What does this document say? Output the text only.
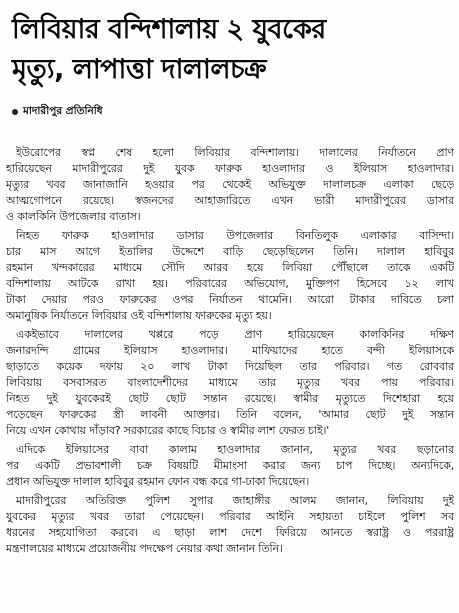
লিবিয়ার বন্দিশালায় ২ যুবকের
মৃত্যু, লাপাত্তা দালালচক্র
মাদারীপুর প্রতিনিধি

ইউরোপের স্বপ্ন শেষ হলো লিবিয়ার বন্দিশালায়। দালালের নির্যাতনে প্রাণ
হারিয়েছেন মাদারীপুরের দুই যুবক ফারুক হাওলাদার ও ইলিয়াস হাওলাদার।
মৃত্যুর খবর জানাজানি হওয়ার পর থেকেই অভিযুক্ত দালালচক্র এলাকা ছেড়ে
আত্মগোপনে রয়েছে। স্বজনদের আহাজারিতে এখন ভারী মাদারীপুরের ডাসার
ও কালকিনি উপজেলার বাতাস।

নিহত ফারুক হাওলাদার ডাসার উপজেলার বিনতিলুক এলাকার বাসিন্দা।
চার মাস আগে ইতালির উদ্দেশে বাড়ি ছেড়েছিলেন তিনি। দালাল হাবিবুর
রহমান খন্দকারের মাধ্যমে সৌদি আরব হয়ে লিবিয়া পৌঁছালে তাকে একটি
বন্দিশালায় আটকে রাখা হয়। পরিবারের অভিযোগ, মুক্তিপণ হিসেবে ১২ লাখ
টাকা দেয়ার পরও ফারুকের ওপর নির্যাতন থামেনি। আরো টাকার দাবিতে চলা
অমানুষিক নির্যাতনে লিবিয়ার ওই বন্দিশালায় ফারুকের মৃত্যু হয়।

একইভাবে দালালের খপ্পরে পড়ে প্রাণ হারিয়েছেন কালকিনির দক্ষিণ
জনারদন্দি গ্রামের ইলিয়াস হাওলাদার। মাফিয়াদের হাতে বন্দী ইলিয়াসকে
ছাড়াতে কয়েক দফায় ২০ লাখ টাকা দিয়েছিল তার পরিবার। গত রোববার
লিবিয়ায় বসবাসরত বাংলাদেশীদের মাধ্যমে তার মৃত্যুর খবর পায় পরিবার।
নিহত দুই যুবকেরই ছোট ছোট সন্তান রয়েছে। স্বামীর মৃত্যুতে দিশেহারা হয়ে
পড়েছেন ফারুকের স্ত্রী লাবনী আক্তার। তিনি বলেন, 'আমার ছোট দুই সন্তান
নিয়ে এখন কোথায় দাঁড়াব? সরকারের কাছে বিচার ও স্বামীর লাশ ফেরত চাই।'

এদিকে ইলিয়াসের বাবা কালাম হাওলাদার জানান, মৃত্যুর খবর ছড়ানোর
পর একটি প্রভাবশালী চক্র বিষয়টি মীমাংসা করার জন্য চাপ দিচ্ছে। অন্যদিকে,
প্রধান অভিযুক্ত দালাল হাবিবুর রহমান ফোন বন্ধ করে গা-ঢাকা দিয়েছেন।

মাদারীপুরের অতিরিক্ত পুলিশ সুপার জাহাঙ্গীর আলম জানান, লিবিয়ায় দুই
যুবকের মৃত্যুর খবর তারা পেয়েছেন। পরিবার আইনি সহায়তা চাইলে পুলিশ সব
ধরনের সহযোগিতা করবে। এ ছাড়া লাশ দেশে ফিরিয়ে আনতে স্বরাষ্ট্র ও পররাষ্ট্র
মন্ত্রণালয়ের মাধ্যমে প্রয়োজনীয় পদক্ষেপ নেয়ার কথা জানান তিনি।
